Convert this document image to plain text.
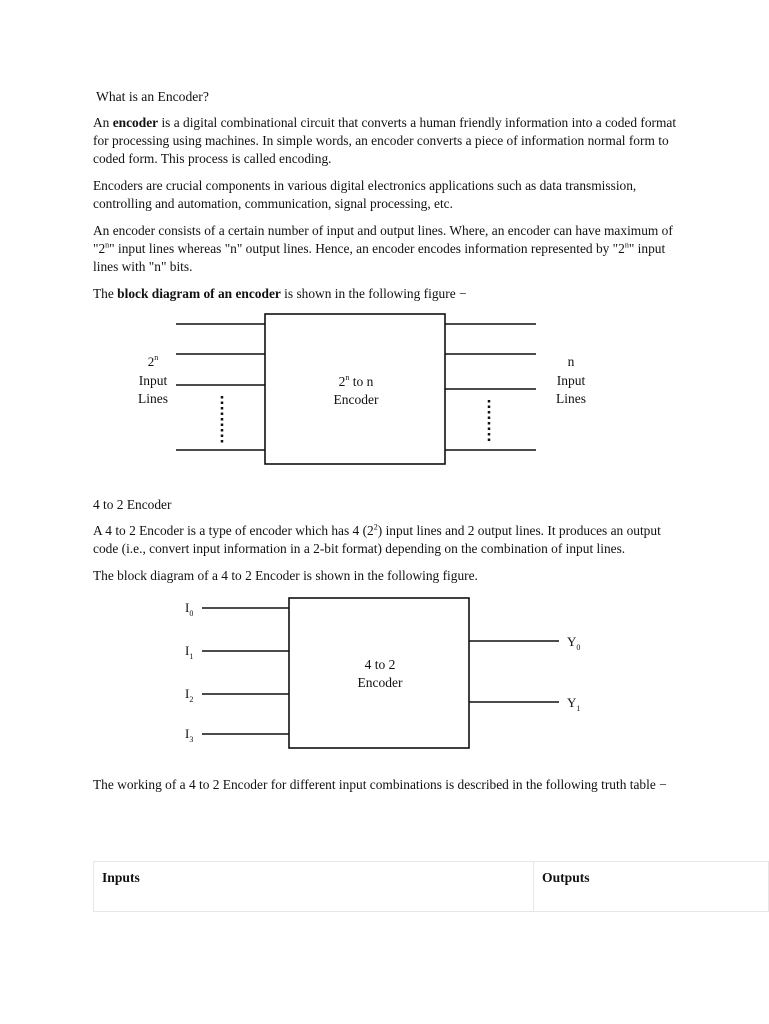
What is an Encoder?

An encoder is a digital combinational circuit that converts a human friendly information into a coded format for processing using machines. In simple words, an encoder converts a piece of information normal form to coded form. This process is called encoding.

Encoders are crucial components in various digital electronics applications such as data transmission, controlling and automation, communication, signal processing, etc.

An encoder consists of a certain number of input and output lines. Where, an encoder can have maximum of "2$^n$" input lines whereas "n" output lines. Hence, an encoder encodes information represented by "2$^n$" input lines with "n" bits.

The block diagram of an encoder is shown in the following figure −

2$^n$
Input
Lines
2$^n$ to n
Encoder
n
Input
Lines

4 to 2 Encoder

A 4 to 2 Encoder is a type of encoder which has 4 $(2^2)$ input lines and 2 output lines. It produces an output code (i.e., convert input information in a 2-bit format) depending on the combination of input lines.

The block diagram of a 4 to 2 Encoder is shown in the following figure.

$I_0$
$I_1$
$I_2$
$I_3$
4 to 2
Encoder
$Y_0$
$Y_1$

The working of a 4 to 2 Encoder for different input combinations is described in the following truth table −

Inputs	Outputs
